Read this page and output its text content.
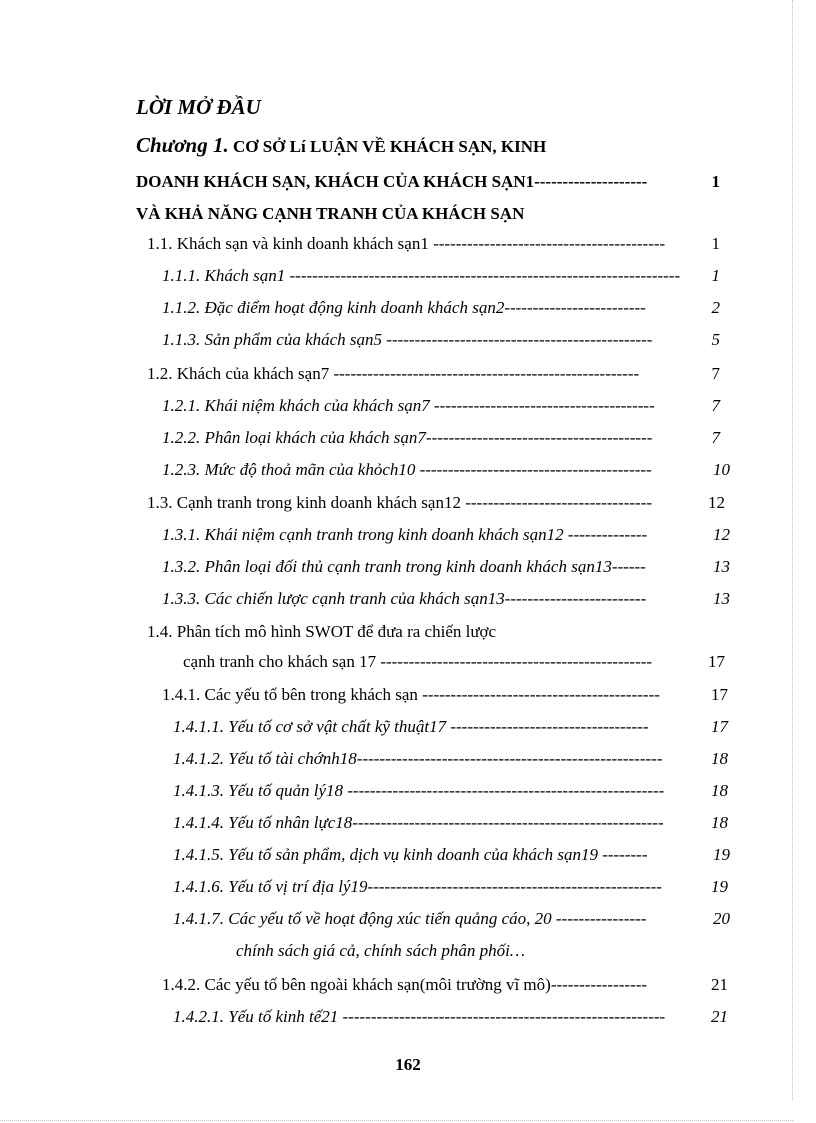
LỜI MỞ ĐẦU
Chương 1. CƠ SỞ Lí LUẬN VỀ KHÁCH SẠN, KINH
DOANH KHÁCH SẠN, KHÁCH CỦA KHÁCH SẠN1--------------------	1
VÀ KHẢ NĂNG CẠNH TRANH CỦA KHÁCH SẠN
1.1. Khách sạn và kinh doanh khách sạn1 -----------------------------------------	1
1.1.1. Khách sạn1 ---------------------------------------------------------------------	1
1.1.2. Đặc điểm hoạt động kinh doanh khách sạn2-------------------------	2
1.1.3. Sản phẩm của khách sạn5 -----------------------------------------------	5
1.2. Khách của khách sạn7 ------------------------------------------------------	7
1.2.1. Khái niệm khách của khách sạn7 ---------------------------------------	7
1.2.2. Phân loại khách của khách sạn7----------------------------------------	7
1.2.3. Mức độ thoả mãn của khỏch10 -----------------------------------------	10
1.3. Cạnh tranh trong kinh doanh khách sạn12 ---------------------------------	12
1.3.1. Khái niệm cạnh tranh trong kinh doanh khách sạn12 --------------	12
1.3.2. Phân loại đối thủ cạnh tranh trong kinh doanh khách sạn13------	13
1.3.3. Các chiến lược cạnh tranh của khách sạn13-------------------------	13
1.4. Phân tích mô hình SWOT để đưa ra chiến lược
cạnh tranh cho khách sạn 17 ------------------------------------------------	17
1.4.1. Các yếu tố bên trong khách sạn ------------------------------------------	17
1.4.1.1. Yếu tố cơ sở vật chất kỹ thuật17 -----------------------------------	17
1.4.1.2. Yếu tố tài chớnh18------------------------------------------------------	18
1.4.1.3. Yếu tố quản lý18 --------------------------------------------------------	18
1.4.1.4. Yếu tố nhân lực18-------------------------------------------------------	18
1.4.1.5. Yếu tố sản phẩm, dịch vụ kinh doanh của khách sạn19 --------	19
1.4.1.6. Yếu tố vị trí địa lý19----------------------------------------------------	19
1.4.1.7. Các yếu tố về hoạt động xúc tiến quảng cáo, 20 ----------------	20
chính sách giá cả, chính sách phân phối…
1.4.2. Các yếu tố bên ngoài khách sạn(môi trường vĩ mô)-----------------	21
1.4.2.1. Yếu tố kinh tế21 ---------------------------------------------------------	21
162
